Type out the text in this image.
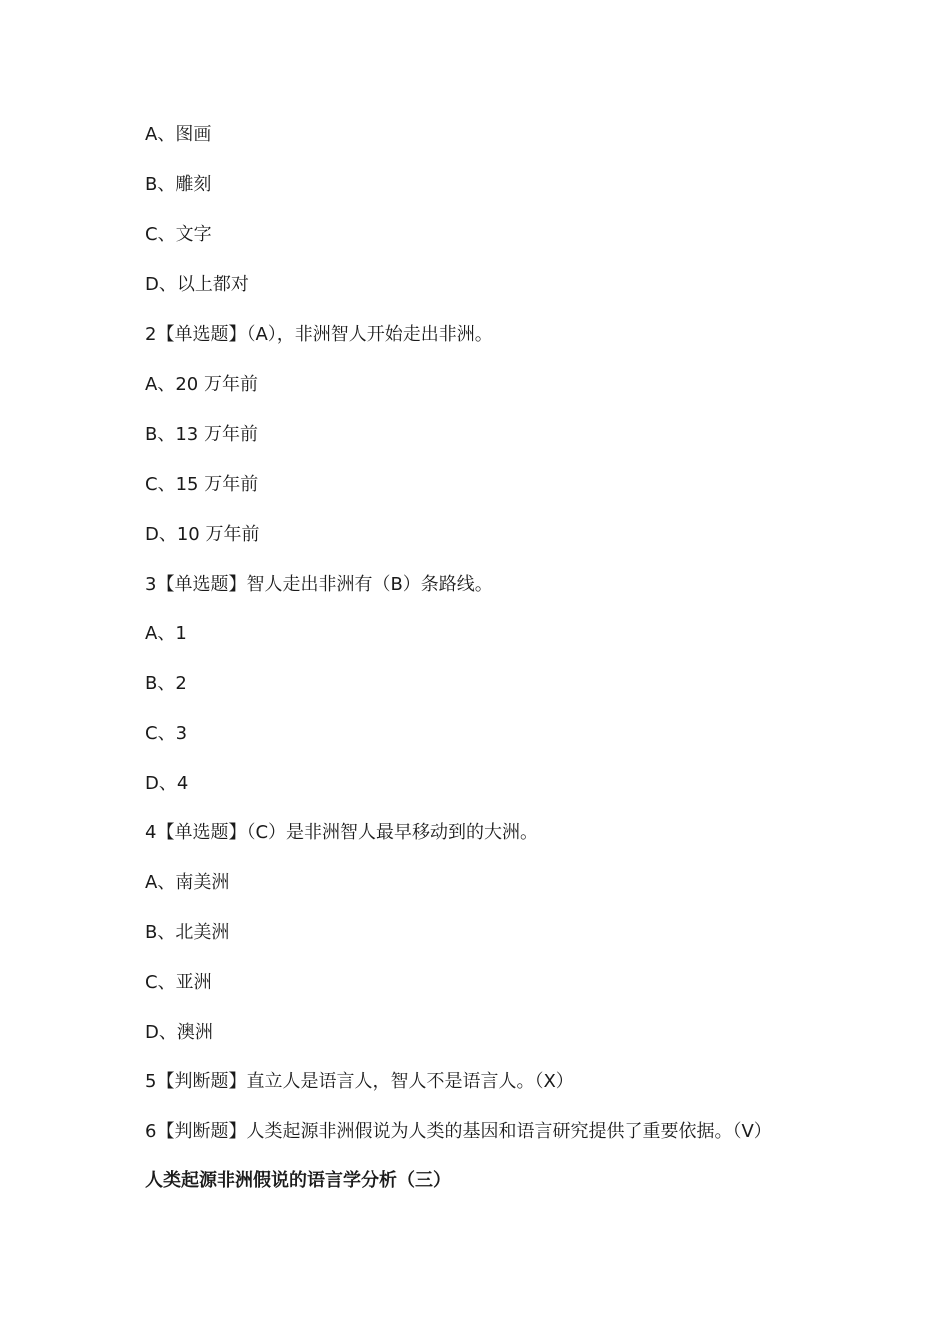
A、图画
B、雕刻
C、文字
D、以上都对
2【单选题】（A），非洲智人开始走出非洲。
A、20 万年前
B、13 万年前
C、15 万年前
D、10 万年前
3【单选题】智人走出非洲有（B）条路线。
A、1
B、2
C、3
D、4
4【单选题】（C）是非洲智人最早移动到的大洲。
A、南美洲
B、北美洲
C、亚洲
D、澳洲
5【判断题】直立人是语言人，智人不是语言人。（X）
6【判断题】人类起源非洲假说为人类的基因和语言研究提供了重要依据。（V）
人类起源非洲假说的语言学分析（三）
